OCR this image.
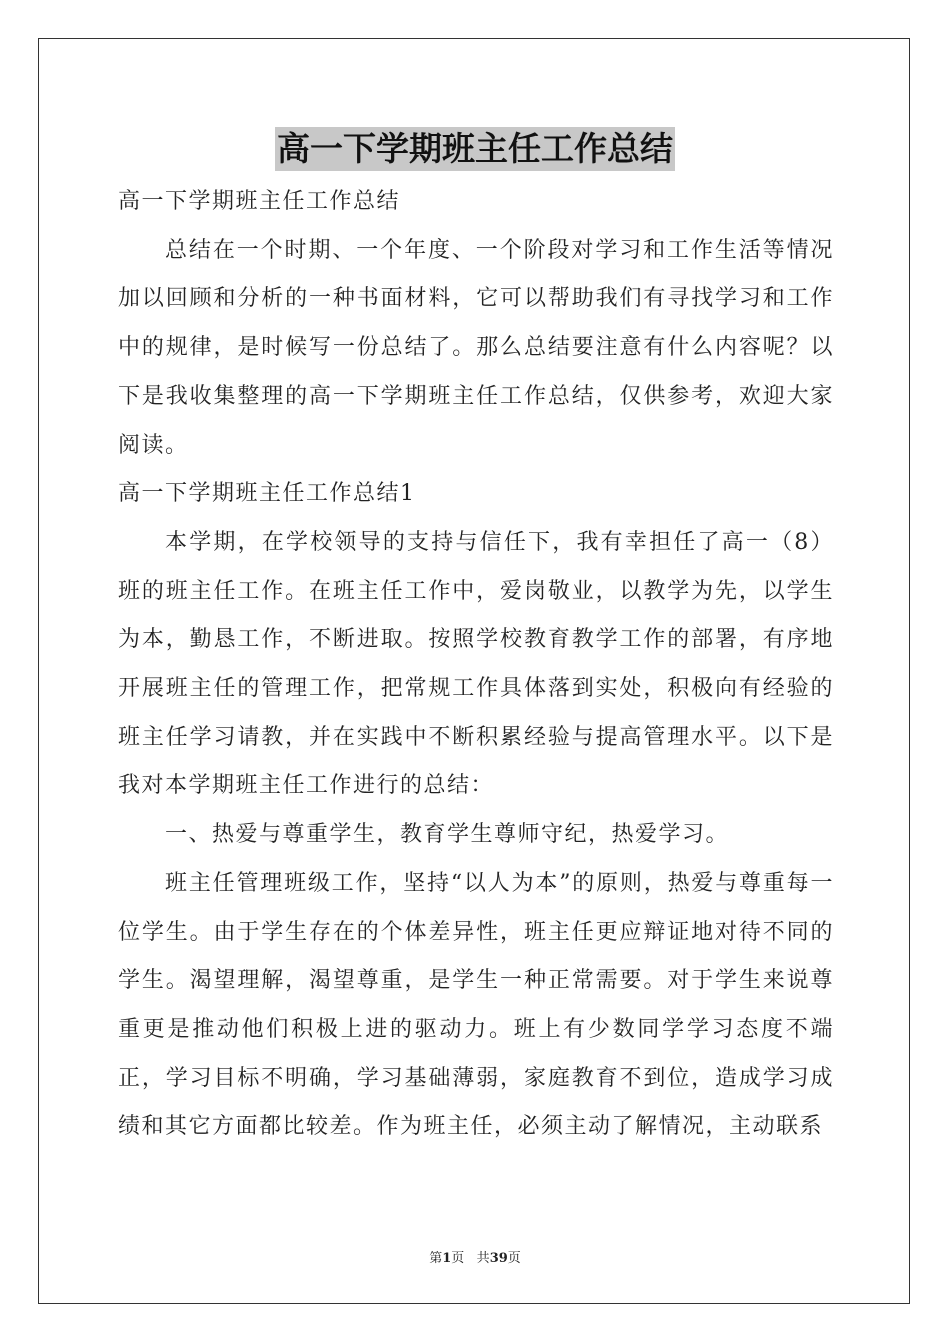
高一下学期班主任工作总结

高一下学期班主任工作总结

总结在一个时期、一个年度、一个阶段对学习和工作生活等情况加以回顾和分析的一种书面材料，它可以帮助我们有寻找学习和工作中的规律，是时候写一份总结了。那么总结要注意有什么内容呢？以下是我收集整理的高一下学期班主任工作总结，仅供参考，欢迎大家阅读。

高一下学期班主任工作总结1

本学期，在学校领导的支持与信任下，我有幸担任了高一（8）班的班主任工作。在班主任工作中，爱岗敬业，以教学为先，以学生为本，勤恳工作，不断进取。按照学校教育教学工作的部署，有序地开展班主任的管理工作，把常规工作具体落到实处，积极向有经验的班主任学习请教，并在实践中不断积累经验与提高管理水平。以下是我对本学期班主任工作进行的总结：

一、热爱与尊重学生，教育学生尊师守纪，热爱学习。

班主任管理班级工作，坚持“以人为本”的原则，热爱与尊重每一位学生。由于学生存在的个体差异性，班主任更应辩证地对待不同的学生。渴望理解，渴望尊重，是学生一种正常需要。对于学生来说尊重更是推动他们积极上进的驱动力。班上有少数同学学习态度不端正，学习目标不明确，学习基础薄弱，家庭教育不到位，造成学习成绩和其它方面都比较差。作为班主任，必须主动了解情况，主动联系

第1页 共39页
